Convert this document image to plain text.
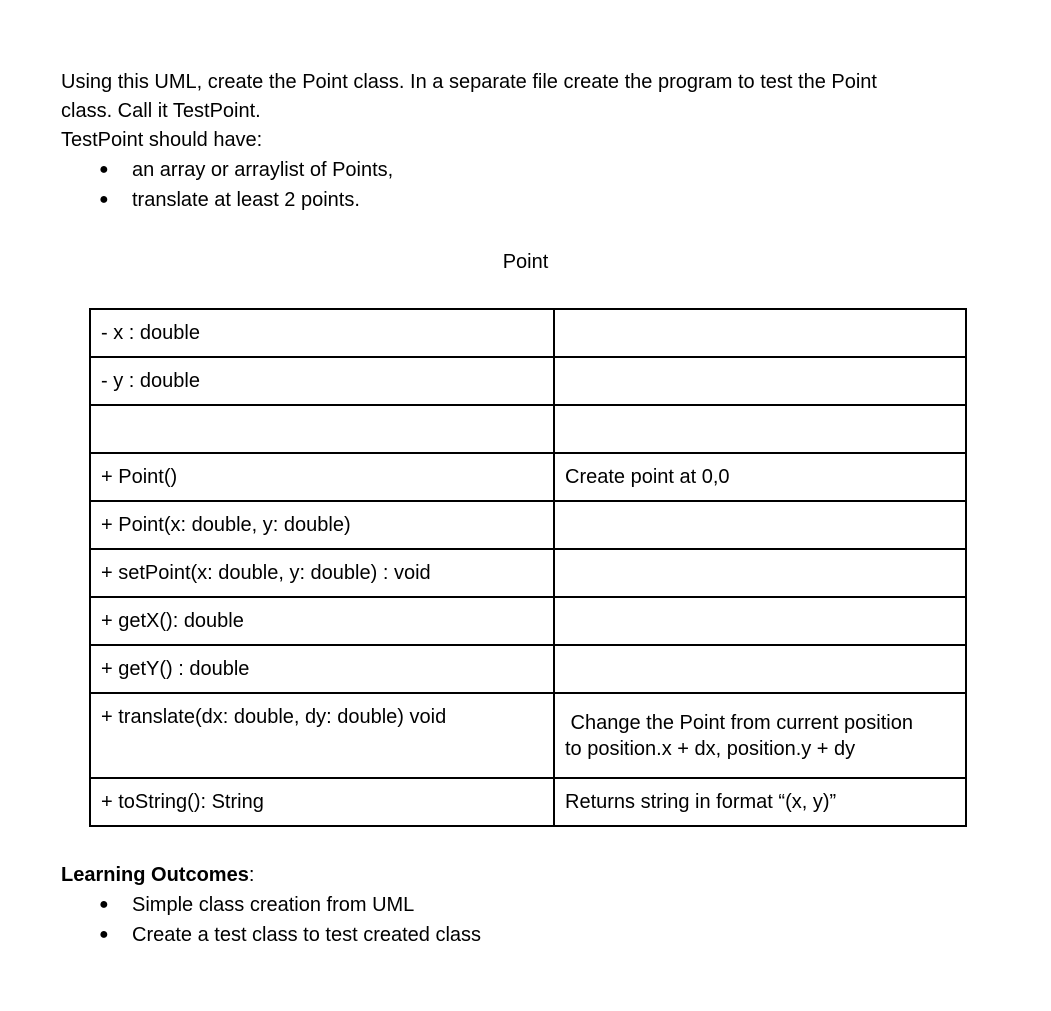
Using this UML, create the Point class. In a separate file create the program to test the Point

class. Call it TestPoint.

TestPoint should have:

● an array or arraylist of Points,
● translate at least 2 points.
Point
- x : double	
- y : double	

+ Point()	Create point at 0,0
+ Point(x: double, y: double)	
+ setPoint(x: double, y: double) : void	
+ getX(): double	
+ getY() : double	
+ translate(dx: double, dy: double) void	Change the Point from current position
to position.x + dx, position.y + dy

+ toString(): String	Returns string in format “(x, y)”

Learning Outcomes:

● Simple class creation from UML
● Create a test class to test created class
